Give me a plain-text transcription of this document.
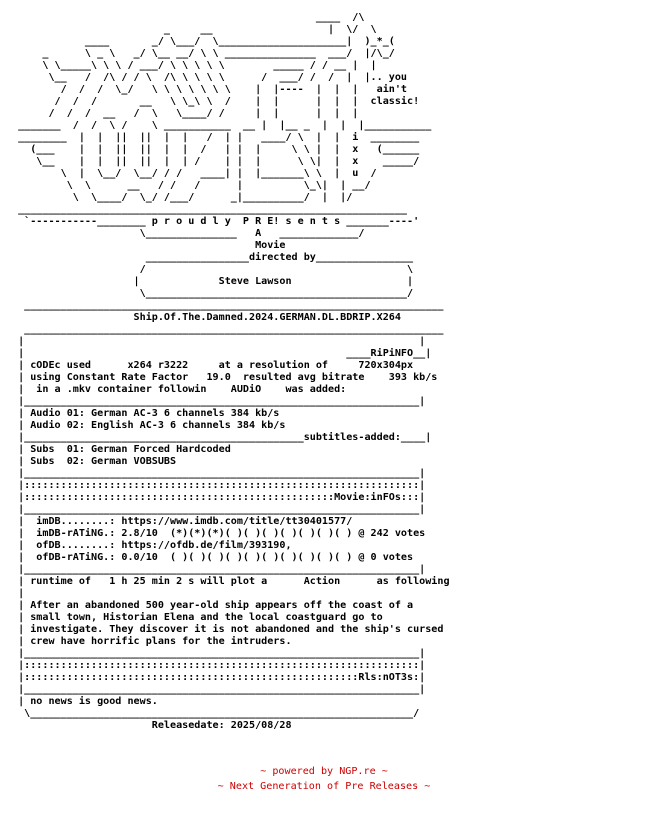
____  /\
_     __                   |  \/  \
____       _/ \___/  \_____________________|  )_*_(
_      \ _ \   _/ \__ __/ \ \ _______________  ___/  |/\_/
\ \_____\ \ \ / ___/ \ \ \ \ \        _____ / / __ |  |
\__   /  /\ / / \  /\ \ \ \ \      /  ___/ /  /  |  |.. you
/  /  /  \_/   \ \ \ \ \ \ \    |  |----  |  |  |   ain't
/  /  /       __   \ \_\ \  /    |  |      |  |  |  classic!
/  /  /  __   /  \   \____/ /     |  |      |  |  |
_______  /  /  \ /    \ ___________  __ |  |__ _  |  |  |___________
________  |  |  ||  ||  |  |   /  | |   ____/ \  |  |  i  ________
(___    |  |  ||  ||  |  |  /   | |  |     \ \ |  |  x   (______
\__    |  |  ||  ||  |  | /    | |  |      \ \|  |  x    _____/
\  |  \__/  \__/ / /   ____| |  |_______\ \  |  u  /
\  \      __   / /   /      |          \_\|  | __/
\  \____/  \_/ /___/      _|__________/  |  |/
________________________________________________________________
`-----------________ p r o u d l y  P R E! s e n t s _______----'
\_______________   A   _____________/
Movie
_________________directed by________________
/                                           \
|             Steve Lawson                   |
\___________________________________________/
_____________________________________________________________________
Ship.Of.The.Damned.2024.GERMAN.DL.BDRIP.X264
_____________________________________________________________________
|                                                                 |
|                                                     ____RiPiNFO__|
| cODEc used      x264 r3222     at a resolution of     720x304px
| using Constant Rate Factor   19.0  resulted avg bitrate    393 kb/s
|  in a .mkv container followin    AUDiO    was added:
|_________________________________________________________________|
| Audio 01: German AC-3 6 channels 384 kb/s
| Audio 02: English AC-3 6 channels 384 kb/s
|______________________________________________subtitles-added:____|
| Subs  01: German Forced Hardcoded
| Subs  02: German VOBSUBS
|_________________________________________________________________|
|:::::::::::::::::::::::::::::::::::::::::::::::::::::::::::::::::|
|:::::::::::::::::::::::::::::::::::::::::::::::::::Movie:inFOs:::|
|_________________________________________________________________|
|  imDB........: https://www.imdb.com/title/tt30401577/
|  imDB-rATiNG.: 2.8/10  (*)(*)(*)( )( )( )( )( )( )( ) @ 242 votes
|  ofDB........: https://ofdb.de/film/393190,
|  ofDB-rATiNG.: 0.0/10  ( )( )( )( )( )( )( )( )( )( ) @ 0 votes
|_________________________________________________________________|
| runtime of   1 h 25 min 2 s will plot a      Action      as following
|
| After an abandoned 500 year-old ship appears off the coast of a
| small town, Historian Elena and the local coastguard go to
| investigate. They discover it is not abandoned and the ship's cursed
| crew have horrific plans for the intruders.
|_________________________________________________________________|
|:::::::::::::::::::::::::::::::::::::::::::::::::::::::::::::::::|
|:::::::::::::::::::::::::::::::::::::::::::::::::::::::Rls:nOT3s:|
|_________________________________________________________________|
| no news is good news.
\_______________________________________________________________/
Releasedate: 2025/08/28
~ powered by NGP.re ~
~ Next Generation of Pre Releases ~
